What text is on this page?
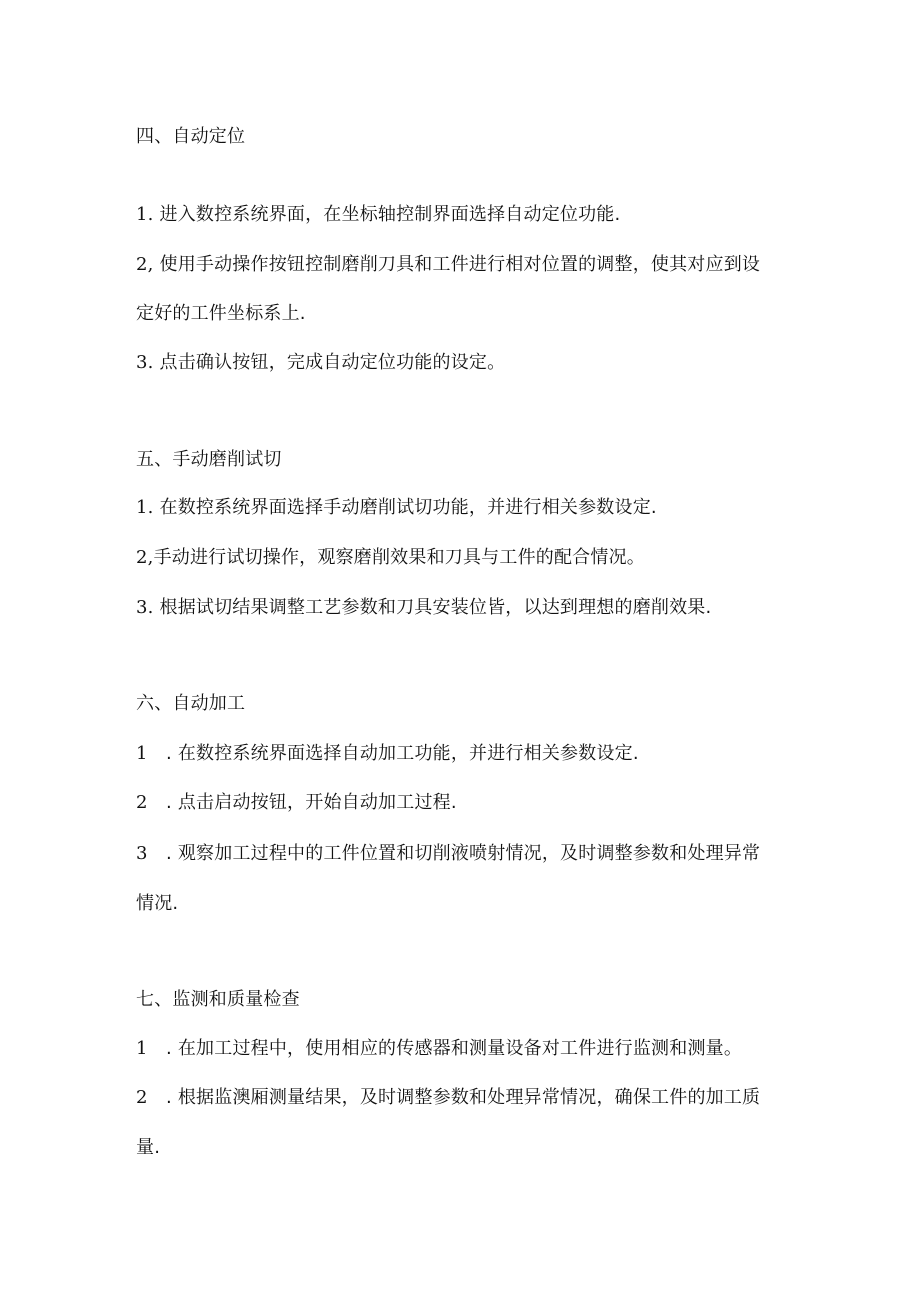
四、自动定位
1. 进入数控系统界面，在坐标轴控制界面选择自动定位功能.
2, 使用手动操作按钮控制磨削刀具和工件进行相对位置的调整，使其对应到设
定好的工件坐标系上.
3. 点击确认按钮，完成自动定位功能的设定。
五、手动磨削试切
1. 在数控系统界面选择手动磨削试切功能，并进行相关参数设定.
2,手动进行试切操作，观察磨削效果和刀具与工件的配合情况。
3. 根据试切结果调整工艺参数和刀具安装位皆，以达到理想的磨削效果.
六、自动加工
1 . 在数控系统界面选择自动加工功能，并进行相关参数设定.
2 . 点击启动按钮，开始自动加工过程.
3 . 观察加工过程中的工件位置和切削液喷射情况，及时调整参数和处理异常
情况.
七、监测和质量检查
1 . 在加工过程中，使用相应的传感器和测量设备对工件进行监测和测量。
2 . 根据监澳厢测量结果，及时调整参数和处理异常情况，确保工件的加工质
量.
